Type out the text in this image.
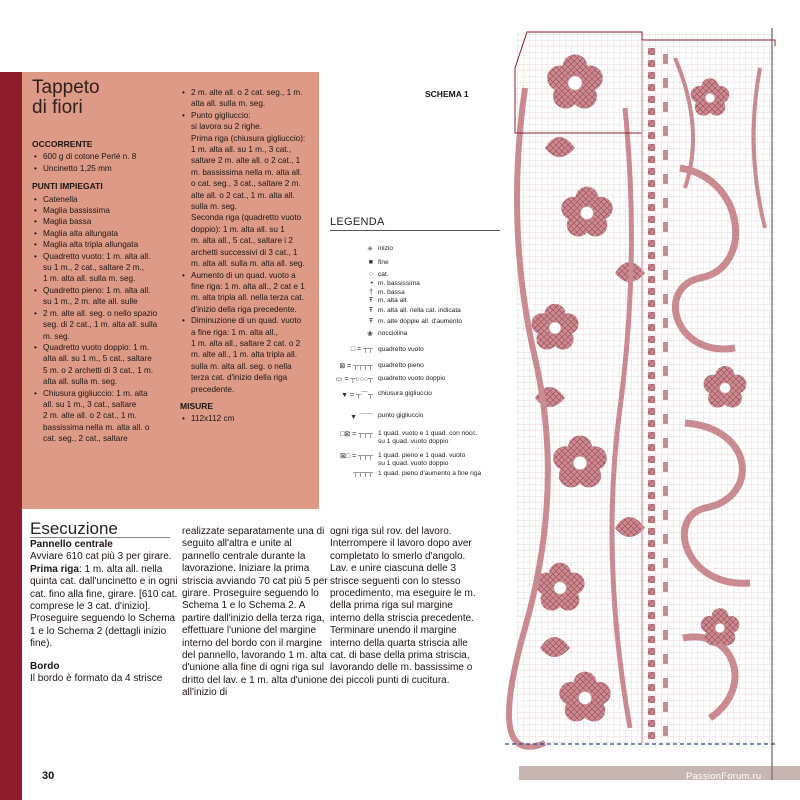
Tappeto
di fiori
OCCORRENTE
• 600 g di cotone Perlé n. 8
• Uncinetto 1,25 mm
PUNTI IMPIEGATI
• Catenella
• Maglia bassissima
• Maglia bassa
• Maglia alta allungata
• Maglia alta tripla allungata
• Quadretto vuoto: 1 m. alta all.
su 1 m., 2 cat., saltare 2 m.,
1 m. alta all. sulla m. seg.
• Quadretto pieno: 1 m. alta all.
su 1 m., 2 m. alte all. sulle
• 2 m. alte all. seg. o nello spazio
seg. di 2 cat., 1 m. alta all. sulla
m. seg.
• Quadretto vuoto doppio: 1 m.
alta all. su 1 m., 5 cat., saltare
5 m. o 2 archetti di 3 cat., 1 m.
alta all. sulla m. seg.
• Chiusura gigliuccio: 1 m. alta
all. su 1 m., 3 cat., saltare
2 m. alte all. o 2 cat., 1 m.
bassissima nella m. alta all. o
cat. seg., 2 cat., saltare
• 2 m. alte all. o 2 cat. seg., 1 m.
alta all. sulla m. seg.
• Punto gigliuccio:
si lavora su 2 righe.
Prima riga (chiusura gigliuccio):
1 m. alta all. su 1 m., 3 cat.,
saltare 2 m. alte all. o 2 cat., 1
m. bassissima nella m. alta all.
o cat. seg., 3 cat., saltare 2 m.
alte all. o 2 cat., 1 m. alta all.
sulla m. seg.
Seconda riga (quadretto vuoto
doppio): 1 m. alta all. su 1
m. alta all., 5 cat., saltare i 2
archetti successivi di 3 cat., 1
m. alta all. sulla m. alta all. seg.
• Aumento di un quad. vuoto a
fine riga: 1 m. alta all., 2 cat e 1
m. alta tripla all. nella terza cat.
d'inizio della riga precedente.
• Diminuzione di un quad. vuoto
a fine riga: 1 m. alta all.,
1 m. alta all., saltare 2 cat. o 2
m. alte all., 1 m. alta tripla all.
sulla m. alta all. seg. o nella
terza cat. d'inizio della riga
precedente.
MISURE
• 112x112 cm
SCHEMA 1
LEGENDA
✳ inizio
■ fine
○ cat.
• m. bassissima
† m. bassa
Ŧ m. alta all.
Ŧ m. alta all. nella cat. indicata
Ŧ m. alte doppie all. d'aumento
❀ nocciolina
□ = ┬┬ quadretto vuoto
⊠ = ┬┬┬┬ quadretto pieno
▭ = ┬○○○┬ quadretto vuoto doppio
▼ = ┬⌒┬ chiusura gigliuccio
▼ ⌒⌒ punto gigliuccio
□⊠ = ┬┬┬ 1 quad. vuoto e 1 quad. con nocc.
su 1 quad. vuoto doppio
⊠□ = ┬┬┬ 1 quad. pieno e 1 quad. vuoto
su 1 quad. vuoto doppio
┬┬┬┬ 1 quad. pieno d'aumento a fine riga
Esecuzione

Pannello centrale

Avviare 610 cat più 3 per girare.

Prima riga: 1 m. alta all. nella quinta cat. dall'uncinetto e in ogni cat. fino alla fine, girare. [610 cat. comprese le 3 cat. d'inizio].

Proseguire seguendo lo Schema 1 e lo Schema 2 (dettagli inizio fine).

Bordo

Il bordo è formato da 4 strisce

realizzate separatamente una di seguito all'altra e unite al pannello centrale durante la lavorazione. Iniziare la prima striscia avviando 70 cat più 5 per girare. Proseguire seguendo lo Schema 1 e lo Schema 2. A partire dall'inizio della terza riga, effettuare l'unione del margine interno del bordo con il margine del pannello, lavorando 1 m. alta d'unione alla fine di ogni riga sul dritto del lav. e 1 m. alta d'unione all'inizio di

ogni riga sul rov. del lavoro. Interrompere il lavoro dopo aver completato lo smerlo d'angolo. Lav. e unire ciascuna delle 3 strisce seguenti con lo stesso procedimento, ma eseguire le m. della prima riga sul margine interno della striscia precedente. Terminare unendo il margine interno della quarta striscia alle cat. di base della prima striscia, lavorando delle m. bassissime o dei piccoli punti di cucitura.

30	PassionForum.ru
